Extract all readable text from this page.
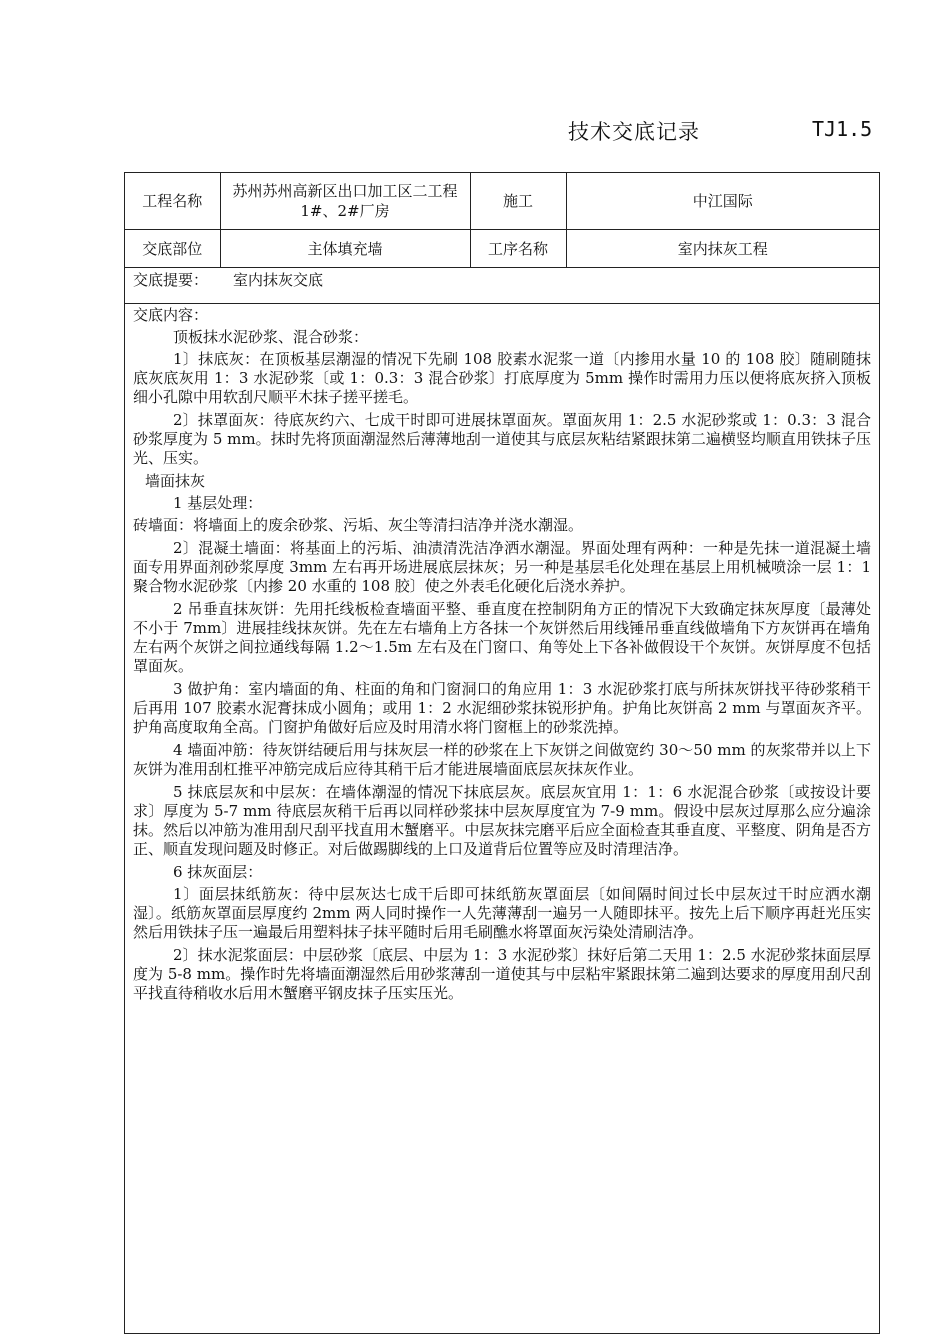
技术交底记录	TJ1.5
工程名称	苏州苏州高新区出口加工区二工程 1#、2#厂房	施工	中江国际
交底部位	主体填充墙	工序名称	室内抹灰工程
交底提要： 室内抹灰交底

交底内容：

顶板抹水泥砂浆、混合砂浆：

1〕抹底灰：在顶板基层潮湿的情况下先刷 108 胶素水泥浆一道〔内掺用水量 10 的 108 胶〕随刷随抹底灰底灰用 1：3 水泥砂浆〔或 1：0.3：3 混合砂浆〕打底厚度为 5mm 操作时需用力压以便将底灰挤入顶板细小孔隙中用软刮尺顺平木抹子搓平搓毛。

2〕抹罩面灰：待底灰约六、七成干时即可进展抹罩面灰。罩面灰用 1：2.5 水泥砂浆或 1：0.3：3 混合砂浆厚度为 5 mm。抹时先将顶面潮湿然后薄薄地刮一道使其与底层灰粘结紧跟抹第二遍横竖均顺直用铁抹子压光、压实。

墙面抹灰

1 基层处理：

砖墙面：将墙面上的废余砂浆、污垢、灰尘等清扫洁净并浇水潮湿。

2〕混凝土墙面：将基面上的污垢、油渍清洗洁净洒水潮湿。界面处理有两种：一种是先抹一道混凝土墙面专用界面剂砂浆厚度 3mm 左右再开场进展底层抹灰；另一种是基层毛化处理在基层上用机械喷涂一层 1：1 聚合物水泥砂浆〔内掺 20 水重的 108 胶〕使之外表毛化硬化后浇水养护。

2 吊垂直抹灰饼：先用托线板检查墙面平整、垂直度在控制阴角方正的情况下大致确定抹灰厚度〔最薄处不小于 7mm〕进展挂线抹灰饼。先在左右墙角上方各抹一个灰饼然后用线锤吊垂直线做墙角下方灰饼再在墙角左右两个灰饼之间拉通线每隔 1.2～1.5m 左右及在门窗口、角等处上下各补做假设干个灰饼。灰饼厚度不包括罩面灰。

3 做护角：室内墙面的角、柱面的角和门窗洞口的角应用 1：3 水泥砂浆打底与所抹灰饼找平待砂浆稍干后再用 107 胶素水泥膏抹成小圆角；或用 1：2 水泥细砂浆抹锐形护角。护角比灰饼高 2 mm 与罩面灰齐平。护角高度取角全高。门窗护角做好后应及时用清水将门窗框上的砂浆洗掉。

4 墙面冲筋：待灰饼结硬后用与抹灰层一样的砂浆在上下灰饼之间做宽约 30～50 mm 的灰浆带并以上下灰饼为准用刮杠推平冲筋完成后应待其稍干后才能进展墙面底层灰抹灰作业。

5 抹底层灰和中层灰：在墙体潮湿的情况下抹底层灰。底层灰宜用 1：1：6 水泥混合砂浆〔或按设计要求〕厚度为 5-7 mm 待底层灰稍干后再以同样砂浆抹中层灰厚度宜为 7-9 mm。假设中层灰过厚那么应分遍涂抹。然后以冲筋为准用刮尺刮平找直用木蟹磨平。中层灰抹完磨平后应全面检查其垂直度、平整度、阴角是否方正、顺直发现问题及时修正。对后做踢脚线的上口及道背后位置等应及时清理洁净。

6 抹灰面层：

1〕面层抹纸筋灰：待中层灰达七成干后即可抹纸筋灰罩面层〔如间隔时间过长中层灰过干时应洒水潮湿〕。纸筋灰罩面层厚度约 2mm 两人同时操作一人先薄薄刮一遍另一人随即抹平。按先上后下顺序再赶光压实然后用铁抹子压一遍最后用塑料抹子抹平随时后用毛刷醮水将罩面灰污染处清刷洁净。

2〕抹水泥浆面层：中层砂浆〔底层、中层为 1：3 水泥砂浆〕抹好后第二天用 1：2.5 水泥砂浆抹面层厚度为 5-8 mm。操作时先将墙面潮湿然后用砂浆薄刮一道使其与中层粘牢紧跟抹第二遍到达要求的厚度用刮尺刮平找直待稍收水后用木蟹磨平钢皮抹子压实压光。
